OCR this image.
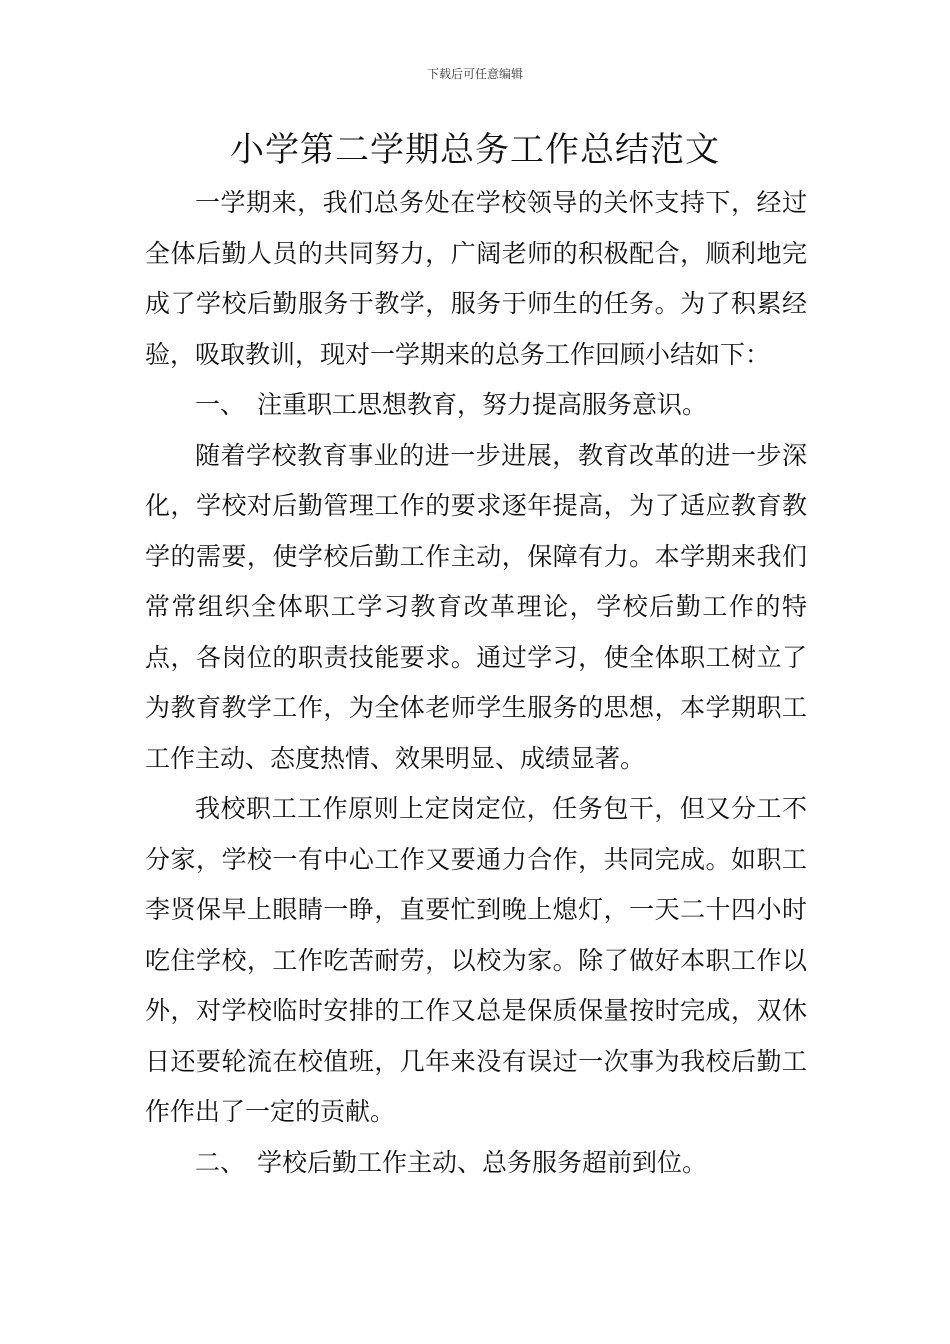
下载后可任意编辑
小学第二学期总务工作总结范文

一学期来，我们总务处在学校领导的关怀支持下，经过全体后勤人员的共同努力，广阔老师的积极配合，顺利地完成了学校后勤服务于教学，服务于师生的任务。为了积累经验，吸取教训，现对一学期来的总务工作回顾小结如下：

一、 注重职工思想教育，努力提高服务意识。

随着学校教育事业的进一步进展，教育改革的进一步深化，学校对后勤管理工作的要求逐年提高，为了适应教育教学的需要，使学校后勤工作主动，保障有力。本学期来我们常常组织全体职工学习教育改革理论，学校后勤工作的特点，各岗位的职责技能要求。通过学习，使全体职工树立了为教育教学工作，为全体老师学生服务的思想，本学期职工工作主动、态度热情、效果明显、成绩显著。

我校职工工作原则上定岗定位，任务包干，但又分工不分家，学校一有中心工作又要通力合作，共同完成。如职工李贤保早上眼睛一睁，直要忙到晚上熄灯，一天二十四小时吃住学校，工作吃苦耐劳，以校为家。除了做好本职工作以外，对学校临时安排的工作又总是保质保量按时完成，双休日还要轮流在校值班，几年来没有误过一次事为我校后勤工作作出了一定的贡献。

二、 学校后勤工作主动、总务服务超前到位。
